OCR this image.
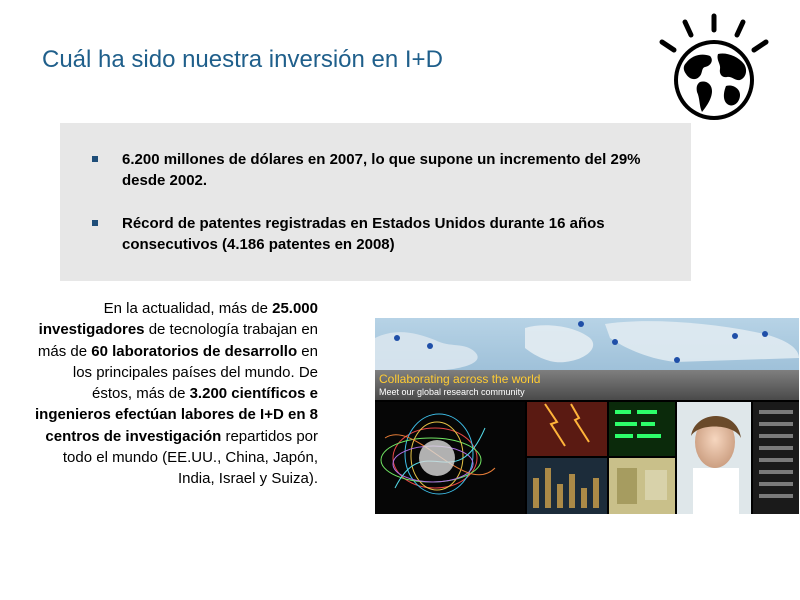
Cuál ha sido nuestra inversión en I+D
6.200 millones de dólares en 2007, lo que supone un incremento del 29% desde 2002.
Récord de patentes registradas en Estados Unidos durante 16 años consecutivos (4.186 patentes en 2008)
En la actualidad, más de 25.000 investigadores de tecnología trabajan en más de 60 laboratorios de desarrollo en los principales países del mundo. De éstos, más de 3.200 científicos e ingenieros efectúan labores de I+D en 8 centros de investigación repartidos por todo el mundo (EE.UU., China, Japón, India, Israel y Suiza).
Collaborating across the world
Meet our global research community
